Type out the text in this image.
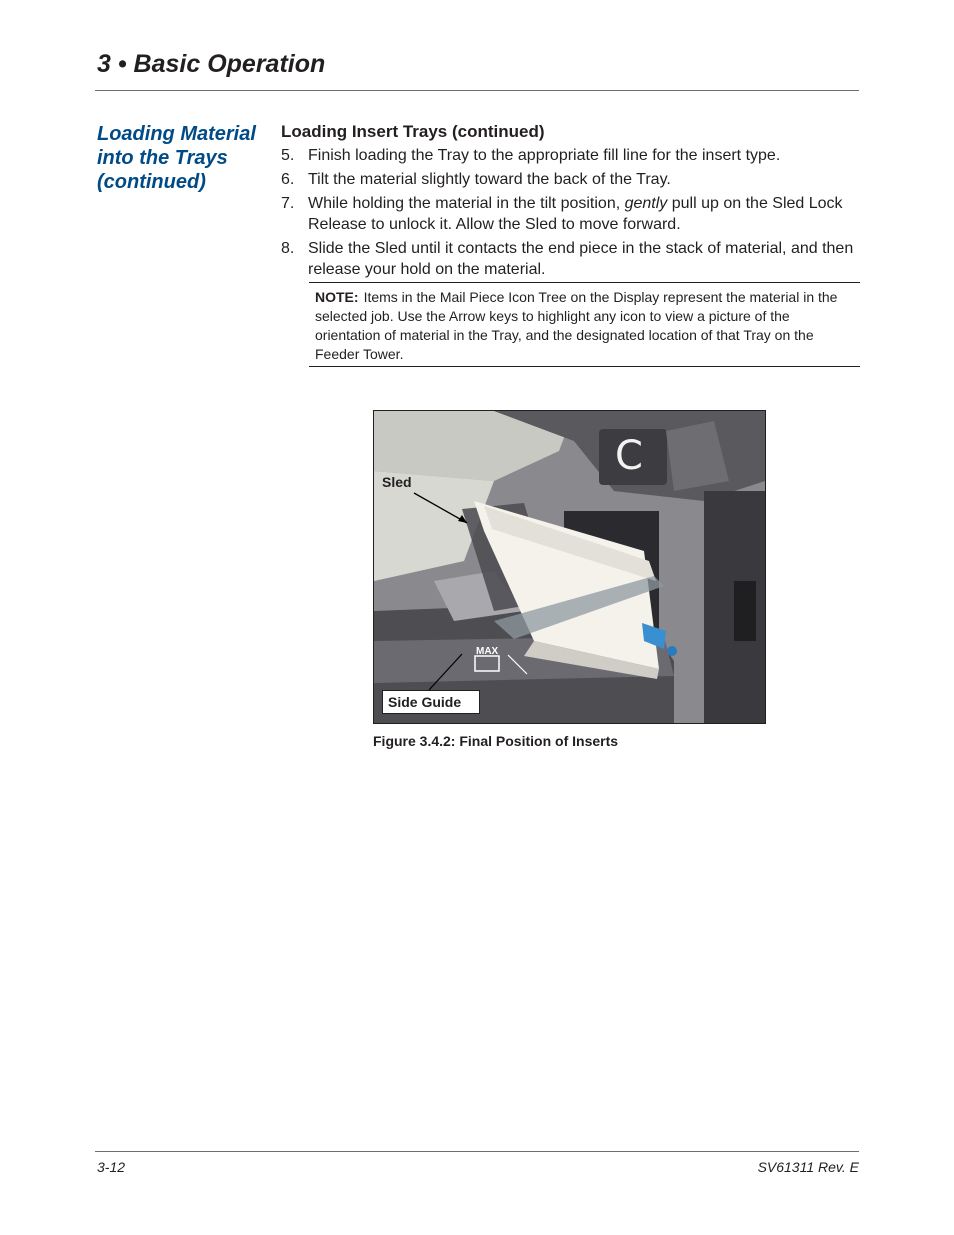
3 • Basic Operation
Loading Material into the Trays (continued)
Loading Insert Trays (continued)
5. Finish loading the Tray to the appropriate fill line for the insert type.
6. Tilt the material slightly toward the back of the Tray.
7. While holding the material in the tilt position, gently pull up on the Sled Lock Release to unlock it. Allow the Sled to move forward.
8. Slide the Sled until it contacts the end piece in the stack of material, and then release your hold on the material.
NOTE: Items in the Mail Piece Icon Tree on the Display represent the material in the selected job. Use the Arrow keys to highlight any icon to view a picture of the orientation of material in the Tray, and the designated location of that Tray on the Feeder Tower.
MAX
C
Sled
Side Guide
Figure 3.4.2: Final Position of Inserts
3-12	SV61311 Rev. E
